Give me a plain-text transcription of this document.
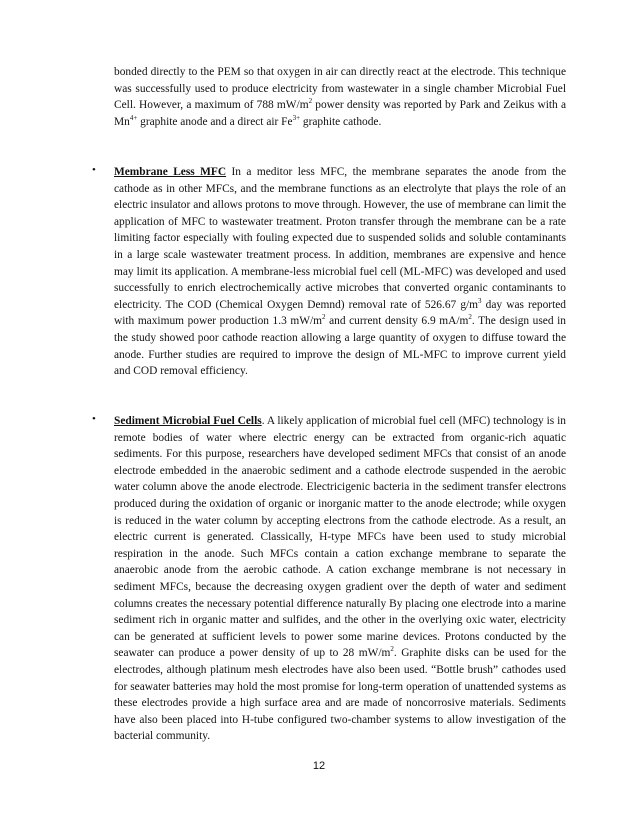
bonded directly to the PEM so that oxygen in air can directly react at the electrode. This technique was successfully used to produce electricity from wastewater in a single chamber Microbial Fuel Cell. However, a maximum of 788 $mW/m^2$ power density was reported by Park and Zeikus with a $Mn^{4+}$ graphite anode and a direct air $Fe^{3+}$ graphite cathode.

• Membrane Less MFC In a meditor less MFC, the membrane separates the anode from the cathode as in other MFCs, and the membrane functions as an electrolyte that plays the role of an electric insulator and allows protons to move through. However, the use of membrane can limit the application of MFC to wastewater treatment. Proton transfer through the membrane can be a rate limiting factor especially with fouling expected due to suspended solids and soluble contaminants in a large scale wastewater treatment process. In addition, membranes are expensive and hence may limit its application. A membrane-less microbial fuel cell (ML-MFC) was developed and used successfully to enrich electrochemically active microbes that converted organic contaminants to electricity. The COD (Chemical Oxygen Demnd) removal rate of 526.67 $g/m^3$ day was reported with maximum power production 1.3 $mW/m^2$ and current density 6.9 $mA/m^2$. The design used in the study showed poor cathode reaction allowing a large quantity of oxygen to diffuse toward the anode. Further studies are required to improve the design of ML-MFC to improve current yield and COD removal efficiency.

• Sediment Microbial Fuel Cells. A likely application of microbial fuel cell (MFC) technology is in remote bodies of water where electric energy can be extracted from organic-rich aquatic sediments. For this purpose, researchers have developed sediment MFCs that consist of an anode electrode embedded in the anaerobic sediment and a cathode electrode suspended in the aerobic water column above the anode electrode. Electricigenic bacteria in the sediment transfer electrons produced during the oxidation of organic or inorganic matter to the anode electrode; while oxygen is reduced in the water column by accepting electrons from the cathode electrode. As a result, an electric current is generated. Classically, H-type MFCs have been used to study microbial respiration in the anode. Such MFCs contain a cation exchange membrane to separate the anaerobic anode from the aerobic cathode. A cation exchange membrane is not necessary in sediment MFCs, because the decreasing oxygen gradient over the depth of water and sediment columns creates the necessary potential difference naturally By placing one electrode into a marine sediment rich in organic matter and sulfides, and the other in the overlying oxic water, electricity can be generated at sufficient levels to power some marine devices. Protons conducted by the seawater can produce a power density of up to 28 $mW/m^2$. Graphite disks can be used for the electrodes, although platinum mesh electrodes have also been used. “Bottle brush” cathodes used for seawater batteries may hold the most promise for long-term operation of unattended systems as these electrodes provide a high surface area and are made of noncorrosive materials. Sediments have also been placed into H-tube configured two-chamber systems to allow investigation of the bacterial community.

12
